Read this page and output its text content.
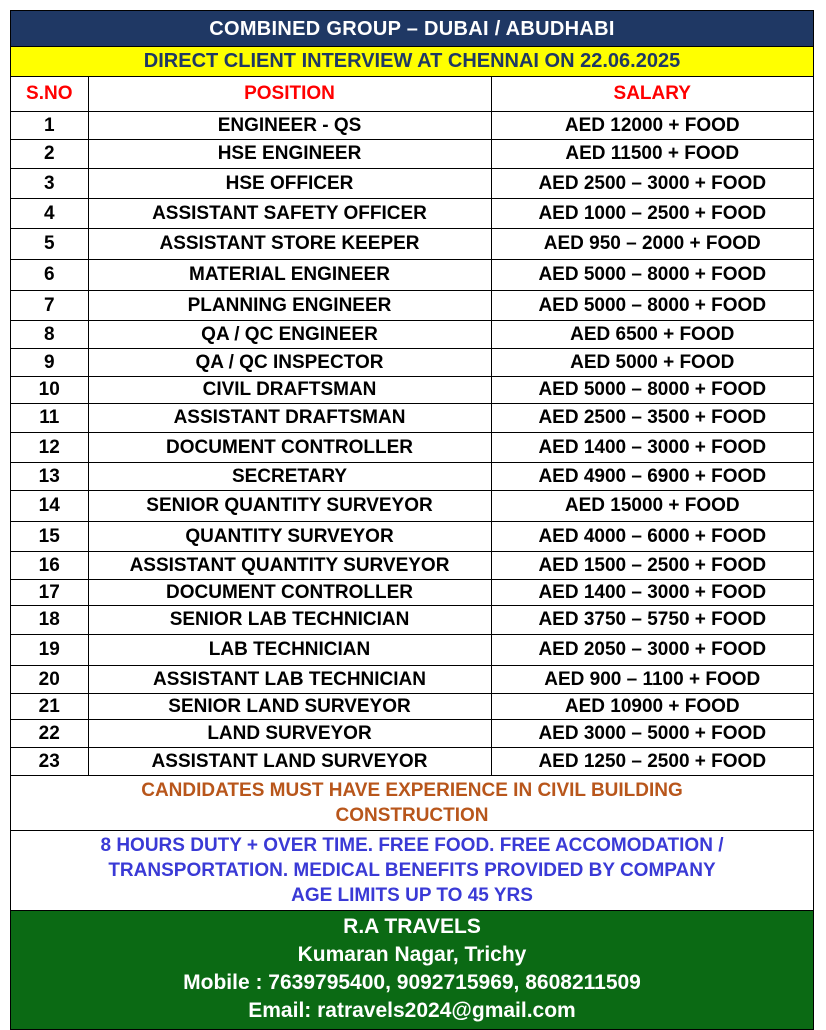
COMBINED GROUP – DUBAI / ABUDHABI
DIRECT CLIENT INTERVIEW AT CHENNAI ON 22.06.2025
S.NO	POSITION	SALARY
1	ENGINEER - QS	AED 12000 + FOOD
2	HSE ENGINEER	AED 11500 + FOOD
3	HSE OFFICER	AED 2500 – 3000 + FOOD
4	ASSISTANT SAFETY OFFICER	AED 1000 – 2500 + FOOD
5	ASSISTANT STORE KEEPER	AED 950 – 2000 + FOOD
6	MATERIAL ENGINEER	AED 5000 – 8000 + FOOD
7	PLANNING ENGINEER	AED 5000 – 8000 + FOOD
8	QA / QC ENGINEER	AED 6500 + FOOD
9	QA / QC INSPECTOR	AED 5000 + FOOD
10	CIVIL DRAFTSMAN	AED 5000 – 8000 + FOOD
11	ASSISTANT DRAFTSMAN	AED 2500 – 3500 + FOOD
12	DOCUMENT CONTROLLER	AED 1400 – 3000 + FOOD
13	SECRETARY	AED 4900 – 6900 + FOOD
14	SENIOR QUANTITY SURVEYOR	AED 15000 + FOOD
15	QUANTITY SURVEYOR	AED 4000 – 6000 + FOOD
16	ASSISTANT QUANTITY SURVEYOR	AED 1500 – 2500 + FOOD
17	DOCUMENT CONTROLLER	AED 1400 – 3000 + FOOD
18	SENIOR LAB TECHNICIAN	AED 3750 – 5750 + FOOD
19	LAB TECHNICIAN	AED 2050 – 3000 + FOOD
20	ASSISTANT LAB TECHNICIAN	AED 900 – 1100 + FOOD
21	SENIOR LAND SURVEYOR	AED 10900 + FOOD
22	LAND SURVEYOR	AED 3000 – 5000 + FOOD
23	ASSISTANT LAND SURVEYOR	AED 1250 – 2500 + FOOD
CANDIDATES MUST HAVE EXPERIENCE IN CIVIL BUILDING
CONSTRUCTION
8 HOURS DUTY + OVER TIME. FREE FOOD. FREE ACCOMODATION /
TRANSPORTATION. MEDICAL BENEFITS PROVIDED BY COMPANY
AGE LIMITS UP TO 45 YRS
R.A TRAVELS
Kumaran Nagar, Trichy
Mobile : 7639795400, 9092715969, 8608211509
Email: ratravels2024@gmail.com
